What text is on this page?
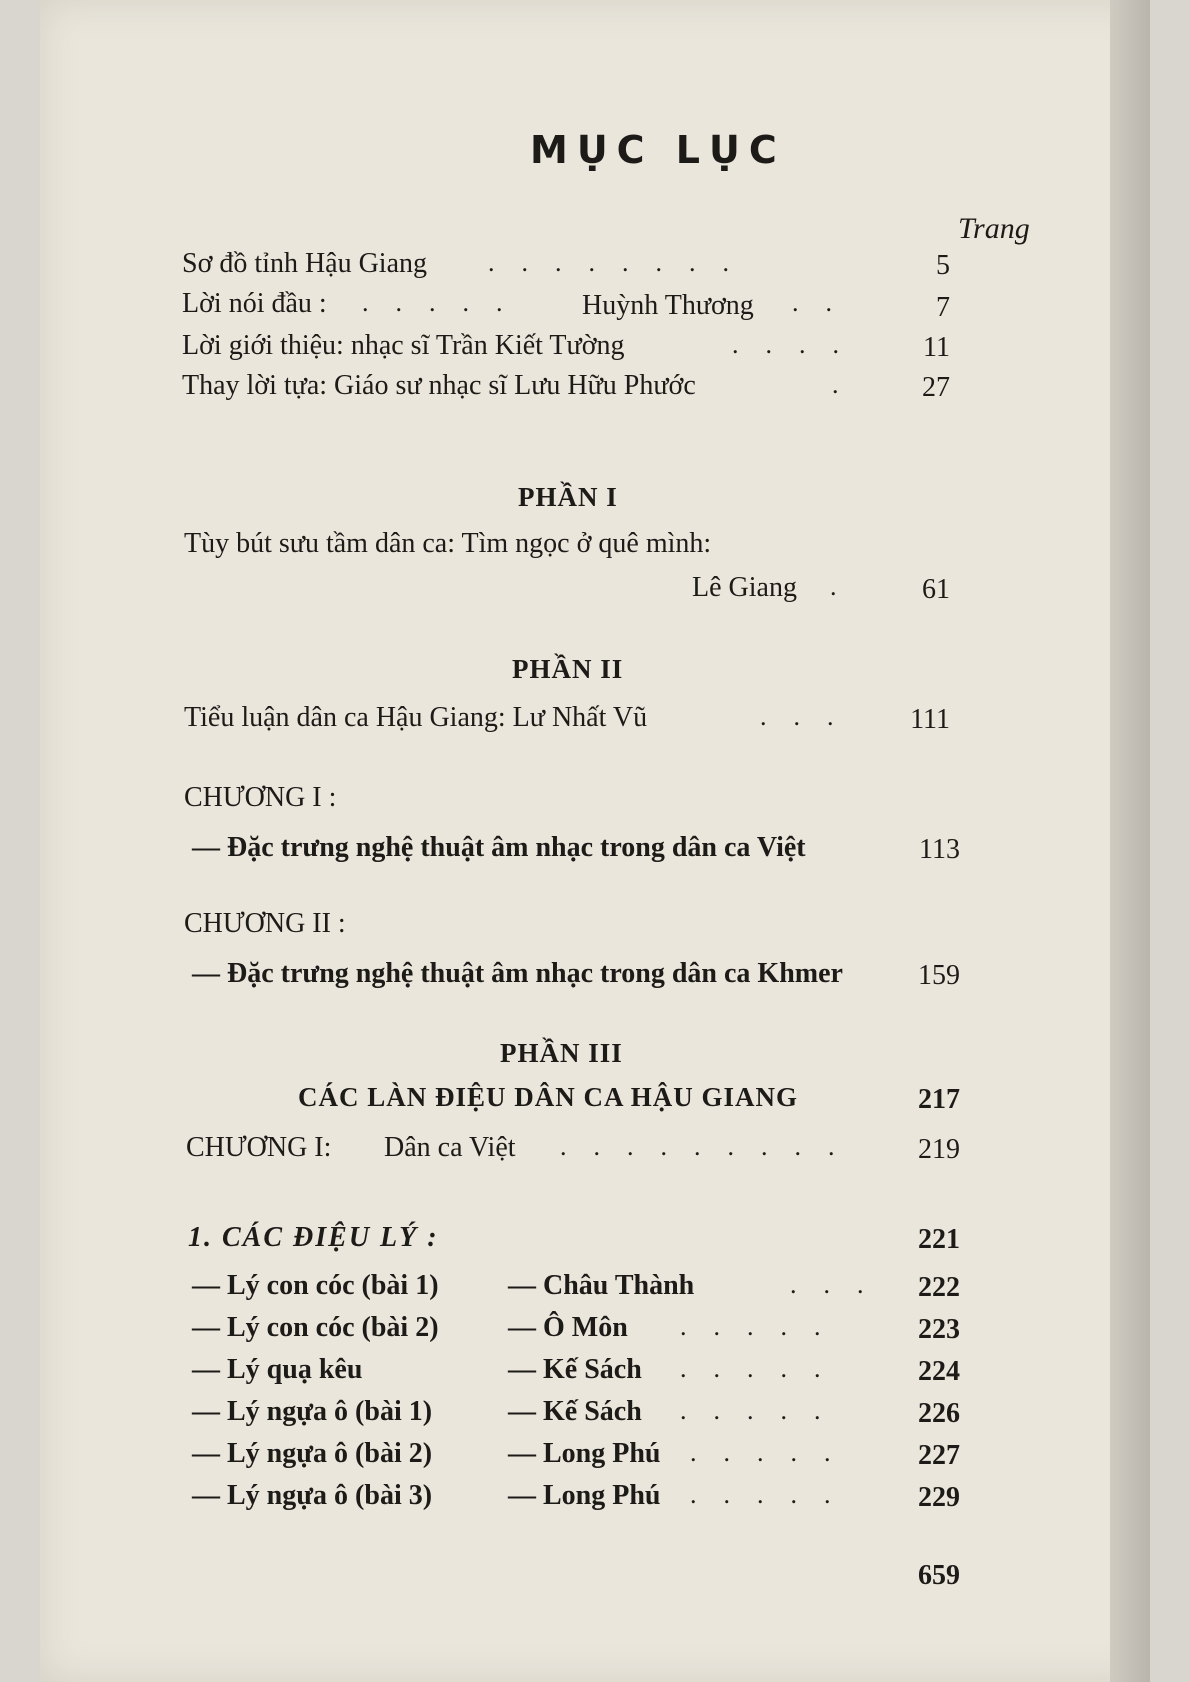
MỤC LỤC
Trang
Sơ đồ tỉnh Hậu Giang ........	5
Lời nói đầu : ..... Huỳnh Thương ..	7
Lời giới thiệu: nhạc sĩ Trần Kiết Tường	.... 11
Thay lời tựa: Giáo sư nhạc sĩ Lưu Hữu Phước	. 27
PHẦN I
Tùy bút sưu tầm dân ca: Tìm ngọc ở quê mình:
Lê Giang . 61
PHẦN II
Tiểu luận dân ca Hậu Giang: Lư Nhất Vũ	... 111
CHƯƠNG I :
— Đặc trưng nghệ thuật âm nhạc trong dân ca Việt	113
CHƯƠNG II :
— Đặc trưng nghệ thuật âm nhạc trong dân ca Khmer	159
PHẦN III
CÁC LÀN ĐIỆU DÂN CA HẬU GIANG	217
CHƯƠNG I: Dân ca Việt ......... 219
1. CÁC ĐIỆU LÝ :	221
— Lý con cóc (bài 1) — Châu Thành	... 222
— Lý con cóc (bài 2) — Ô Môn .....	223
— Lý quạ kêu	— Kế Sách .....	224
— Lý ngựa ô (bài 1)	— Kế Sách .....	226
— Lý ngựa ô (bài 2)	— Long Phú ..... 227
— Lý ngựa ô (bài 3)	— Long Phú ..... 229
659
